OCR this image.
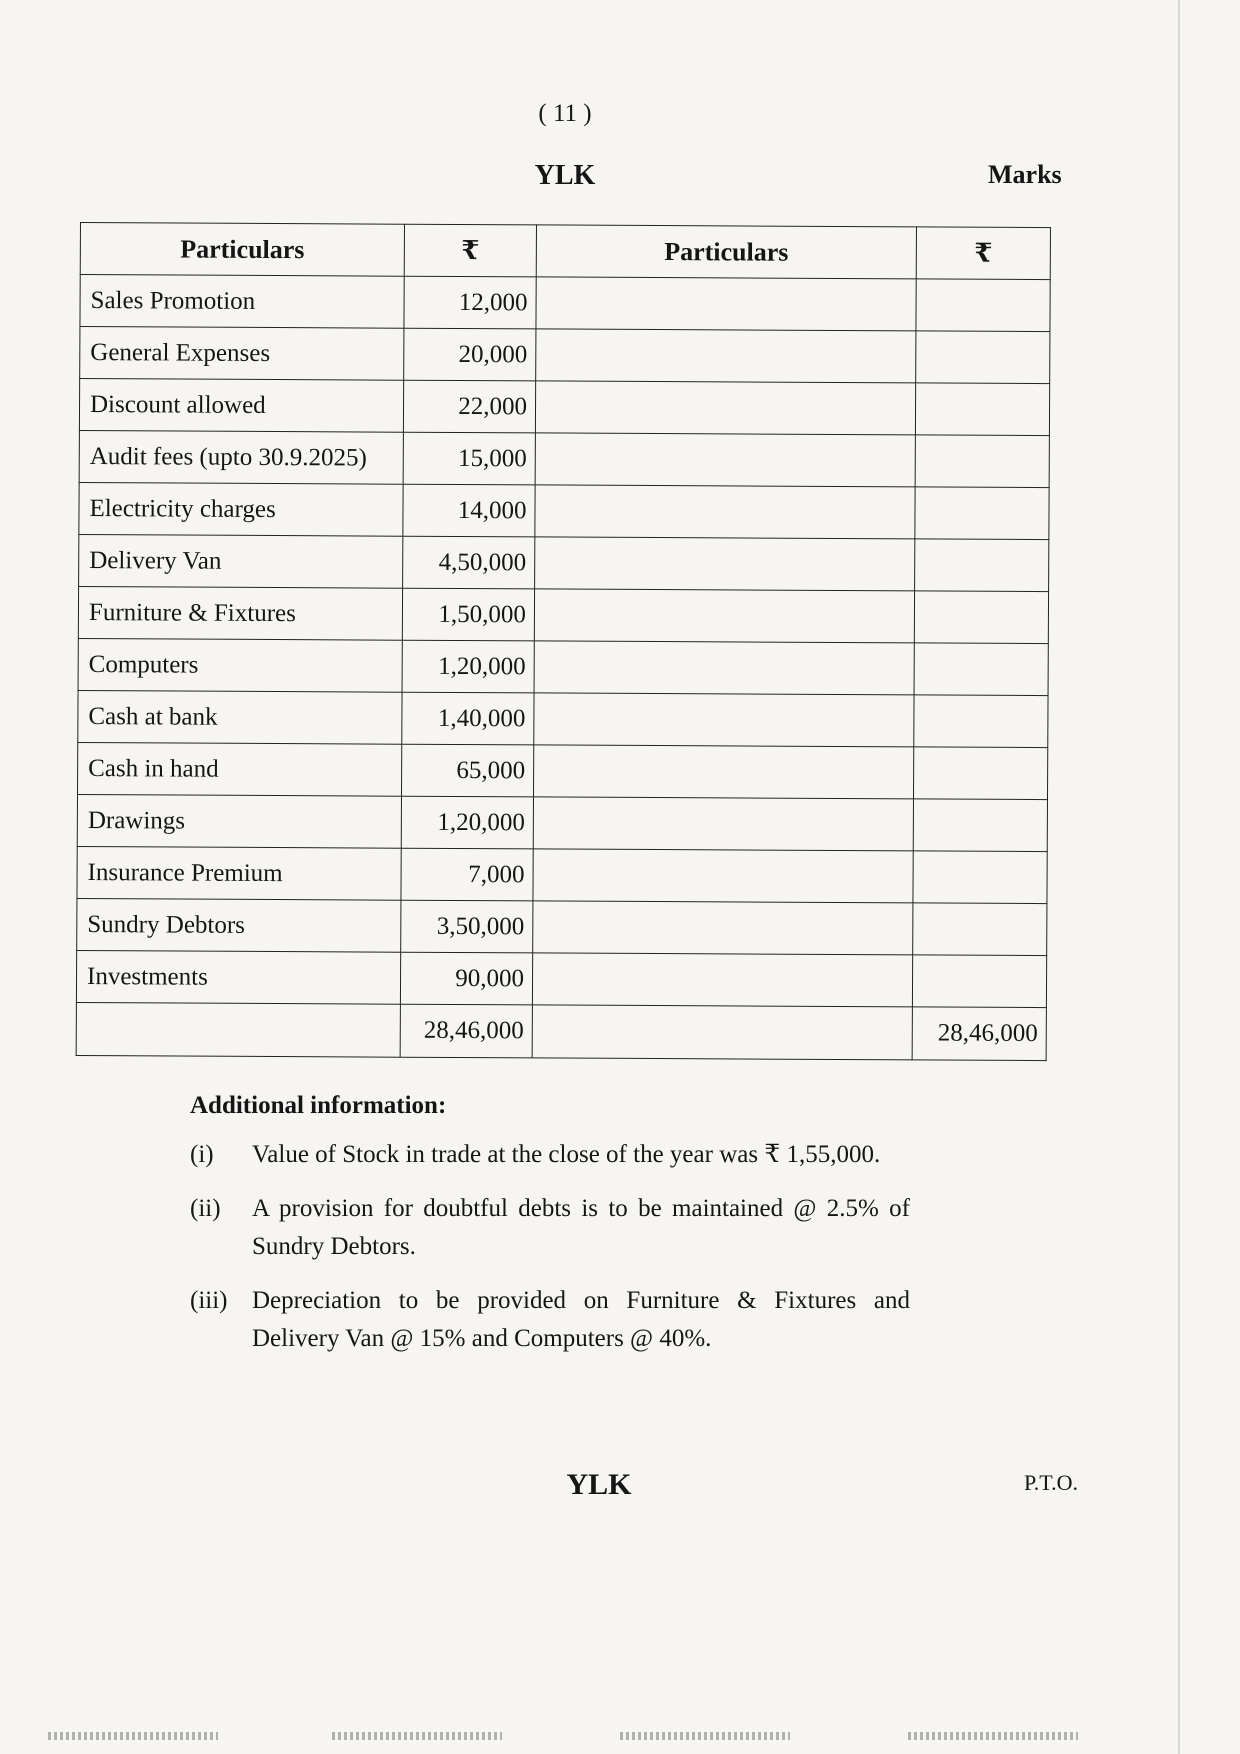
( 11 )
YLK	Marks
Particulars	₹	Particulars	₹
Sales Promotion	12,000		
General Expenses	20,000		
Discount allowed	22,000		
Audit fees (upto 30.9.2025)	15,000		
Electricity charges	14,000		
Delivery Van	4,50,000		
Furniture & Fixtures	1,50,000		
Computers	1,20,000		
Cash at bank	1,40,000		
Cash in hand	65,000		
Drawings	1,20,000		
Insurance Premium	7,000		
Sundry Debtors	3,50,000		
Investments	90,000		
	28,46,000		28,46,000
Additional information:
(i)	Value of Stock in trade at the close of the year was ₹ 1,55,000.
(ii)	A provision for doubtful debts is to be maintained @ 2.5% of Sundry Debtors.
(iii) Depreciation to be provided on Furniture & Fixtures and Delivery Van @ 15% and Computers @ 40%.
YLK	P.T.O.
